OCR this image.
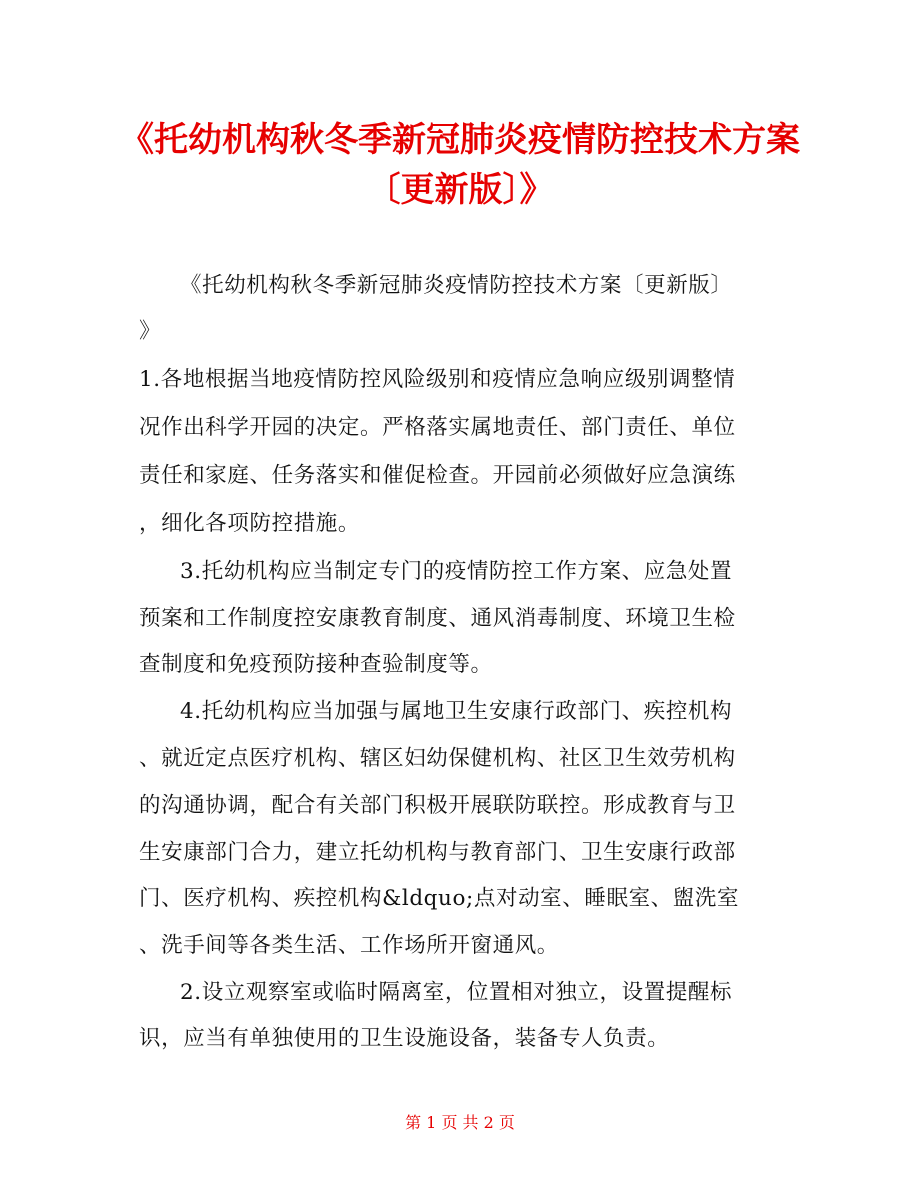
《托幼机构秋冬季新冠肺炎疫情防控技术方案
〔更新版〕》
《托幼机构秋冬季新冠肺炎疫情防控技术方案〔更新版〕
》
1.各地根据当地疫情防控风险级别和疫情应急响应级别调整情
况作出科学开园的决定。严格落实属地责任、部门责任、单位
责任和家庭、任务落实和催促检查。开园前必须做好应急演练
，细化各项防控措施。
3.托幼机构应当制定专门的疫情防控工作方案、应急处置
预案和工作制度控安康教育制度、通风消毒制度、环境卫生检
查制度和免疫预防接种查验制度等。
4.托幼机构应当加强与属地卫生安康行政部门、疾控机构
、就近定点医疗机构、辖区妇幼保健机构、社区卫生效劳机构
的沟通协调，配合有关部门积极开展联防联控。形成教育与卫
生安康部门合力，建立托幼机构与教育部门、卫生安康行政部
门、医疗机构、疾控机构&ldquo;点对动室、睡眠室、盥洗室
、洗手间等各类生活、工作场所开窗通风。
2.设立观察室或临时隔离室，位置相对独立，设置提醒标
识，应当有单独使用的卫生设施设备，装备专人负责。
第 1 页 共 2 页
